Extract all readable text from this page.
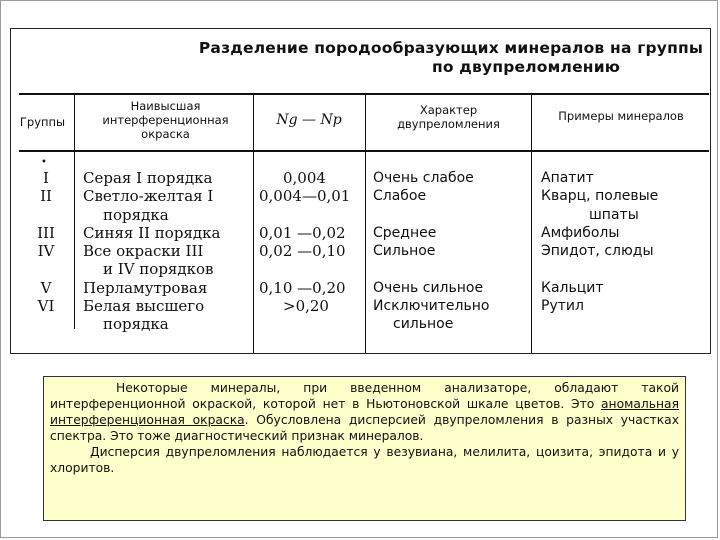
Разделение породообразующих минералов на группы
по двупреломлению
Группы
Наивысшая интерференционная окраска
Ng — Np
Характер двупреломления
Примеры минералов
•
I
II
III
IV
V
VI
Серая I порядка
Светло-желтая I
порядка
Синяя II порядка
Все окраски III
и IV порядков
Перламутровая
Белая высшего
порядка
0,004
0,004—0,01
0,01 —0,02
0,02 —0,10
0,10 —0,20
>0,20
Очень слабое
Слабое
Среднее
Сильное
Очень сильное
Исключительно
сильное
Апатит
Кварц, полевые
шпаты
Амфиболы
Эпидот, слюды
Кальцит
Рутил

Некоторые минералы, при введенном анализаторе, обладают такой интерференционной окраской, которой нет в Ньютоновской шкале цветов. Это аномальная интерференционная окраска. Обусловлена дисперсией двупреломления в разных участках спектра. Это тоже диагностический признак минералов.

Дисперсия двупреломления наблюдается у везувиана, мелилита, цоизита, эпидота и у хлоритов.
